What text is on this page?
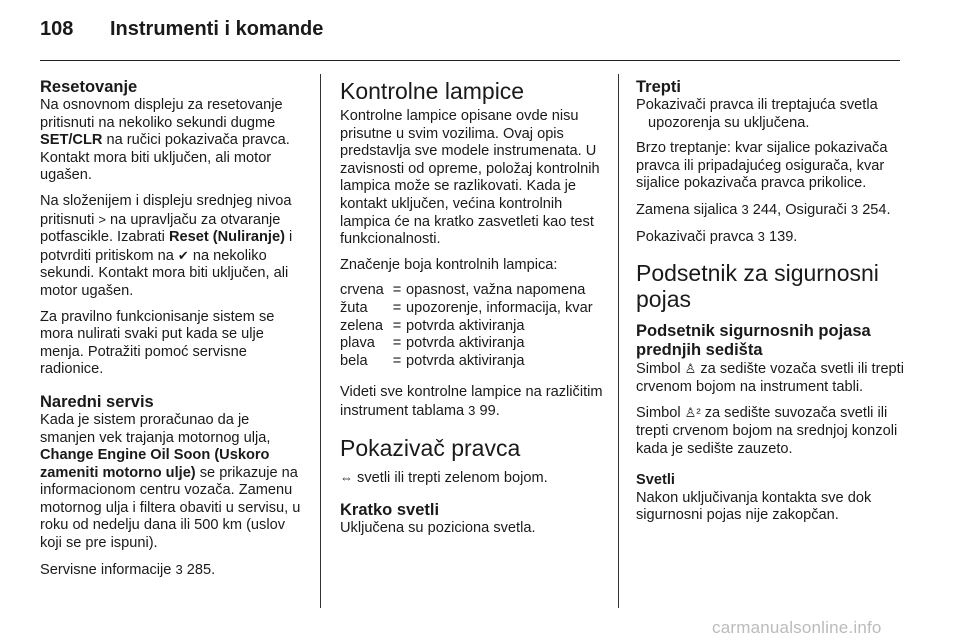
108	Instrumenti i komande
Resetovanje

Na osnovnom displeju za resetovanje pritisnuti na nekoliko sekundi dugme SET/CLR na ručici pokazivača pravca. Kontakt mora biti uključen, ali motor ugašen.

Na složenijem i displeju srednjeg nivoa pritisnuti > na upravljaču za otvaranje potfascikle. Izabrati Reset (Nuliranje) i potvrditi pritiskom na ✔ na nekoliko sekundi. Kontakt mora biti uključen, ali motor ugašen.

Za pravilno funkcionisanje sistem se mora nulirati svaki put kada se ulje menja. Potražiti pomoć servisne radionice.

Naredni servis

Kada je sistem proračunao da je smanjen vek trajanja motornog ulja, Change Engine Oil Soon (Uskoro zameniti motorno ulje) se prikazuje na informacionom centru vozača. Zamenu motornog ulja i filtera obaviti u servisu, u roku od nedelju dana ili 500 km (uslov koji se pre ispuni).

Servisne informacije 3 285.

Kontrolne lampice

Kontrolne lampice opisane ovde nisu prisutne u svim vozilima. Ovaj opis predstavlja sve modele instrumenata. U zavisnosti od opreme, položaj kontrolnih lampica može se razlikovati. Kada je kontakt uključen, većina kontrolnih lampica će na kratko zasvetleti kao test funkcionalnosti.

Značenje boja kontrolnih lampica:

crvena	=	opasnost, važna napomena
žuta	=	upozorenje, informacija, kvar
zelena	=	potvrda aktiviranja
plava	=	potvrda aktiviranja
bela	=	potvrda aktiviranja

Videti sve kontrolne lampice na različitim instrument tablama 3 99.

Pokazivač pravca

⇔ svetli ili trepti zelenom bojom.

Kratko svetli

Uključena su poziciona svetla.

Trepti

Pokazivači pravca ili treptajuća svetla upozorenja su uključena.

Brzo treptanje: kvar sijalice pokazivača pravca ili pripadajućeg osigurača, kvar sijalice pokazivača pravca prikolice.

Zamena sijalica 3 244, Osigurači 3 254.

Pokazivači pravca 3 139.

Podsetnik za sigurnosni pojas
Podsetnik sigurnosnih pojasa prednjih sedišta

Simbol ♙ za sedište vozača svetli ili trepti crvenom bojom na instrument tabli.

Simbol ♙² za sedište suvozača svetli ili trepti crvenom bojom na srednjoj konzoli kada je sedište zauzeto.

Svetli

Nakon uključivanja kontakta sve dok sigurnosni pojas nije zakopčan.

carmanualsonline.info
